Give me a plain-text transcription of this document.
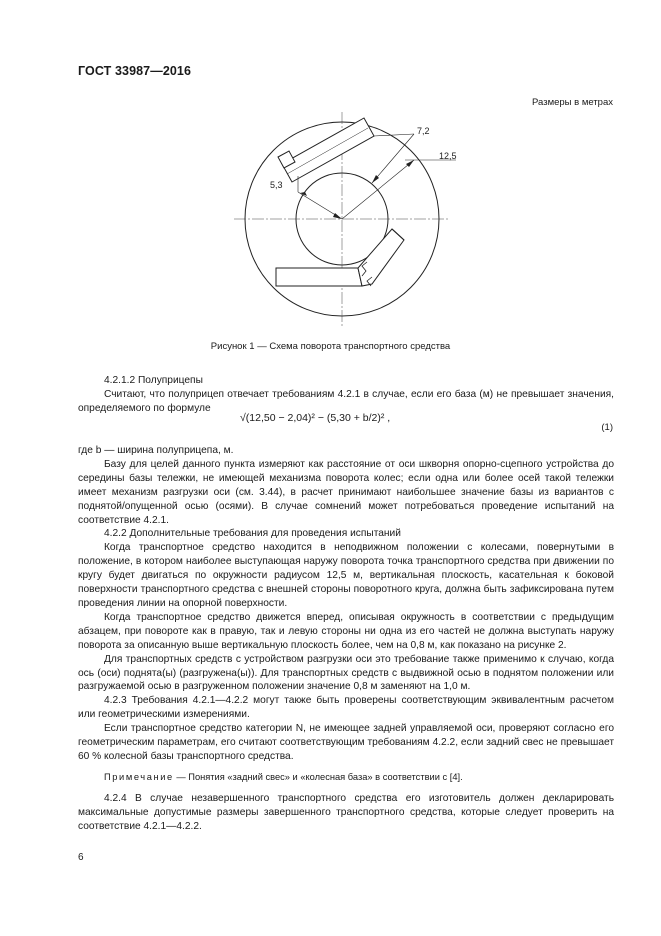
ГОСТ 33987—2016
Размеры в метрах
5,3
7,2
12,5
Рисунок 1 — Схема поворота транспортного средства

4.2.1.2 Полуприцепы

Считают, что полуприцеп отвечает требованиям 4.2.1 в случае, если его база (м) не превышает значения, определяемого по формуле

√(12,50 − 2,04)² − (5,30 + b/2)² ,
(1)

где b — ширина полуприцепа, м.

Базу для целей данного пункта измеряют как расстояние от оси шкворня опорно-сцепного устройства до середины базы тележки, не имеющей механизма поворота колес; если одна или более осей такой тележки имеет механизм разгрузки оси (см. 3.44), в расчет принимают наибольшее значение базы из вариантов с поднятой/опущенной осью (осями). В случае сомнений может потребоваться проведение испытаний на соответствие 4.2.1.

4.2.2 Дополнительные требования для проведения испытаний

Когда транспортное средство находится в неподвижном положении с колесами, повернутыми в положение, в котором наиболее выступающая наружу поворота точка транспортного средства при движении по кругу будет двигаться по окружности радиусом 12,5 м, вертикальная плоскость, касательная к боковой поверхности транспортного средства с внешней стороны поворотного круга, должна быть зафиксирована путем проведения линии на опорной поверхности.

Когда транспортное средство движется вперед, описывая окружность в соответствии с предыдущим абзацем, при повороте как в правую, так и левую стороны ни одна из его частей не должна выступать наружу поворота за описанную выше вертикальную плоскость более, чем на 0,8 м, как показано на рисунке 2.

Для транспортных средств с устройством разгрузки оси это требование также применимо к случаю, когда ось (оси) поднята(ы) (разгружена(ы)). Для транспортных средств с выдвижной осью в поднятом положении или разгружаемой осью в разгруженном положении значение 0,8 м заменяют на 1,0 м.

4.2.3 Требования 4.2.1—4.2.2 могут также быть проверены соответствующим эквивалентным расчетом или геометрическими измерениями.

Если транспортное средство категории N, не имеющее задней управляемой оси, проверяют согласно его геометрическим параметрам, его считают соответствующим требованиям 4.2.2, если задний свес не превышает 60 % колесной базы транспортного средства.

Примечание — Понятия «задний свес» и «колесная база» в соответствии с [4].

4.2.4 В случае незавершенного транспортного средства его изготовитель должен декларировать максимальные допустимые размеры завершенного транспортного средства, которые следует проверить на соответствие 4.2.1—4.2.2.

6
